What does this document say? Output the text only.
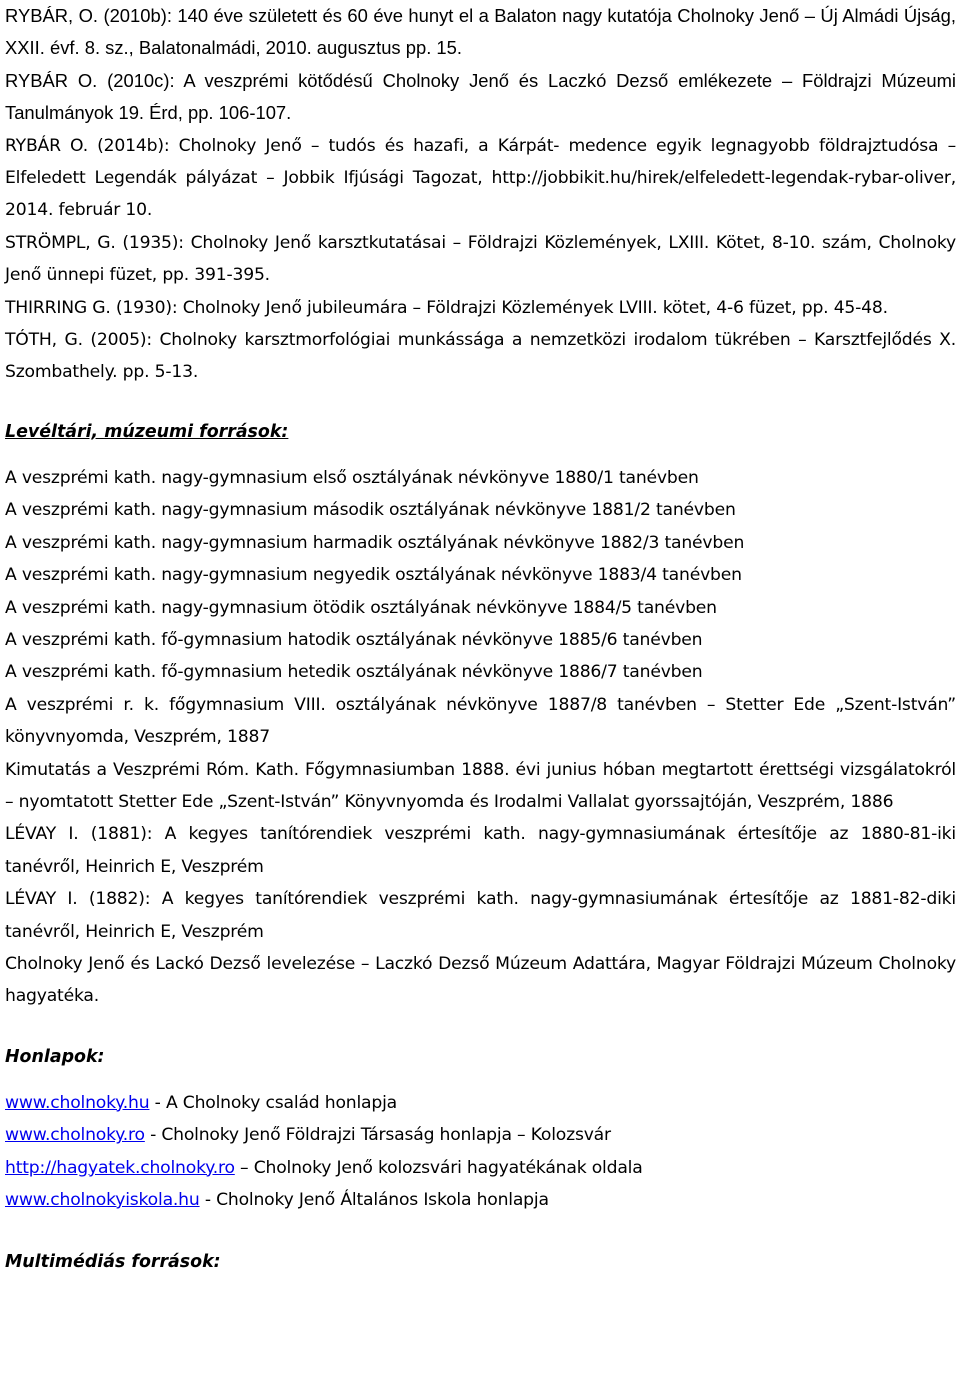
RYBÁR, O. (2010b): 140 éve született és 60 éve hunyt el a Balaton nagy kutatója Cholnoky Jenő – Új Almádi Újság, XXII. évf. 8. sz., Balatonalmádi, 2010. augusztus pp. 15.

RYBÁR O. (2010c): A veszprémi kötődésű Cholnoky Jenő és Laczkó Dezső emlékezete – Földrajzi Múzeumi Tanulmányok 19. Érd, pp. 106-107.

RYBÁR O. (2014b): Cholnoky Jenő – tudós és hazafi, a Kárpát- medence egyik legnagyobb földrajztudósa – Elfeledett Legendák pályázat – Jobbik Ifjúsági Tagozat, http://jobbikit.hu/hirek/elfeledett-legendak-rybar-oliver, 2014. február 10.

STRÖMPL, G. (1935): Cholnoky Jenő karsztkutatásai – Földrajzi Közlemények, LXIII. Kötet, 8-10. szám, Cholnoky Jenő ünnepi füzet, pp. 391-395.

THIRRING G. (1930): Cholnoky Jenő jubileumára – Földrajzi Közlemények LVIII. kötet, 4-6 füzet, pp. 45-48.

TÓTH, G. (2005): Cholnoky karsztmorfológiai munkássága a nemzetközi irodalom tükrében – Karsztfejlődés X. Szombathely. pp. 5-13.

Levéltári, múzeumi források:

A veszprémi kath. nagy-gymnasium első osztályának névkönyve 1880/1 tanévben

A veszprémi kath. nagy-gymnasium második osztályának névkönyve 1881/2 tanévben

A veszprémi kath. nagy-gymnasium harmadik osztályának névkönyve 1882/3 tanévben

A veszprémi kath. nagy-gymnasium negyedik osztályának névkönyve 1883/4 tanévben

A veszprémi kath. nagy-gymnasium ötödik osztályának névkönyve 1884/5 tanévben

A veszprémi kath. fő-gymnasium hatodik osztályának névkönyve 1885/6 tanévben

A veszprémi kath. fő-gymnasium hetedik osztályának névkönyve 1886/7 tanévben

A veszprémi r. k. főgymnasium VIII. osztályának névkönyve 1887/8 tanévben – Stetter Ede „Szent-István” könyvnyomda, Veszprém, 1887

Kimutatás a Veszprémi Róm. Kath. Főgymnasiumban 1888. évi junius hóban megtartott érettségi vizsgálatokról – nyomtatott Stetter Ede „Szent-István” Könyvnyomda és Irodalmi Vallalat gyorssajtóján, Veszprém, 1886

LÉVAY I. (1881): A kegyes tanítórendiek veszprémi kath. nagy-gymnasiumának értesítője az 1880-81-iki tanévről, Heinrich E, Veszprém

LÉVAY I. (1882): A kegyes tanítórendiek veszprémi kath. nagy-gymnasiumának értesítője az 1881-82-diki tanévről, Heinrich E, Veszprém

Cholnoky Jenő és Lackó Dezső levelezése – Laczkó Dezső Múzeum Adattára, Magyar Földrajzi Múzeum Cholnoky hagyatéka.

Honlapok:

www.cholnoky.hu - A Cholnoky család honlapja

www.cholnoky.ro - Cholnoky Jenő Földrajzi Társaság honlapja – Kolozsvár

http://hagyatek.cholnoky.ro – Cholnoky Jenő kolozsvári hagyatékának oldala

www.cholnokyiskola.hu - Cholnoky Jenő Általános Iskola honlapja

Multimédiás források:
